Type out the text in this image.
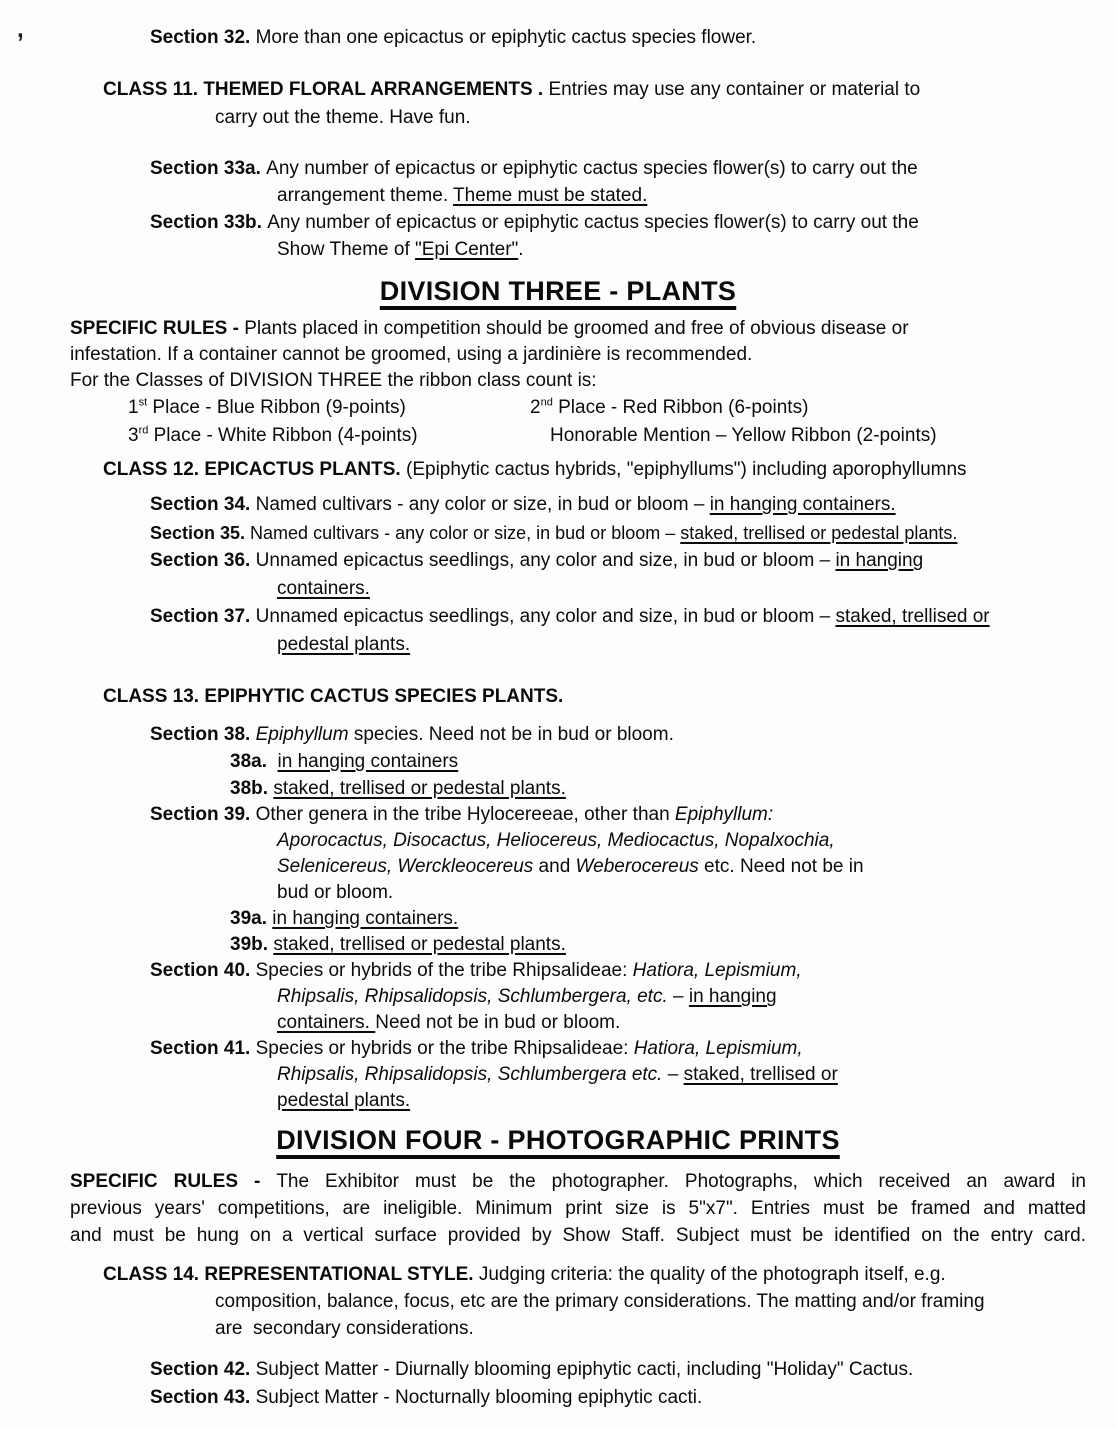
,	Section 32. More than one epicactus or epiphytic cactus species flower.
CLASS 11. THEMED FLORAL ARRANGEMENTS . Entries may use any container or material to
carry out the theme. Have fun.
Section 33a. Any number of epicactus or epiphytic cactus species flower(s) to carry out the
arrangement theme. Theme must be stated.
Section 33b. Any number of epicactus or epiphytic cactus species flower(s) to carry out the
Show Theme of "Epi Center".
DIVISION THREE - PLANTS
SPECIFIC RULES - Plants placed in competition should be groomed and free of obvious disease or
infestation. If a container cannot be groomed, using a jardinière is recommended.
For the Classes of DIVISION THREE the ribbon class count is:
1st Place - Blue Ribbon (9-points)	2nd Place - Red Ribbon (6-points)
3rd Place - White Ribbon (4-points)	Honorable Mention – Yellow Ribbon (2-points)
CLASS 12. EPICACTUS PLANTS. (Epiphytic cactus hybrids, "epiphyllums") including aporophyllumns
Section 34. Named cultivars - any color or size, in bud or bloom – in hanging containers.
Section 35. Named cultivars - any color or size, in bud or bloom – staked, trellised or pedestal plants.
Section 36. Unnamed epicactus seedlings, any color and size, in bud or bloom – in hanging
containers.
Section 37. Unnamed epicactus seedlings, any color and size, in bud or bloom – staked, trellised or
pedestal plants.
CLASS 13. EPIPHYTIC CACTUS SPECIES PLANTS.
Section 38. Epiphyllum species. Need not be in bud or bloom.
38a.  in hanging containers
38b. staked, trellised or pedestal plants.
Section 39. Other genera in the tribe Hylocereeae, other than Epiphyllum:
Aporocactus, Disocactus, Heliocereus, Mediocactus, Nopalxochia,
Selenicereus, Werckleocereus and Weberocereus etc. Need not be in
bud or bloom.
39a. in hanging containers.
39b. staked, trellised or pedestal plants.
Section 40. Species or hybrids of the tribe Rhipsalideae: Hatiora, Lepismium,
Rhipsalis, Rhipsalidopsis, Schlumbergera, etc. – in hanging
containers. Need not be in bud or bloom.
Section 41. Species or hybrids or the tribe Rhipsalideae: Hatiora, Lepismium,
Rhipsalis, Rhipsalidopsis, Schlumbergera etc. – staked, trellised or
pedestal plants.
DIVISION FOUR - PHOTOGRAPHIC PRINTS
SPECIFIC RULES - The Exhibitor must be the photographer. Photographs, which received an award in
previous years' competitions, are ineligible. Minimum print size is 5"x7". Entries must be framed and matted
and must be hung on a vertical surface provided by Show Staff. Subject must be identified on the entry card.
CLASS 14. REPRESENTATIONAL STYLE. Judging criteria: the quality of the photograph itself, e.g.
composition, balance, focus, etc are the primary considerations. The matting and/or framing
are  secondary considerations.
Section 42. Subject Matter - Diurnally blooming epiphytic cacti, including "Holiday" Cactus.
Section 43. Subject Matter - Nocturnally blooming epiphytic cacti.
